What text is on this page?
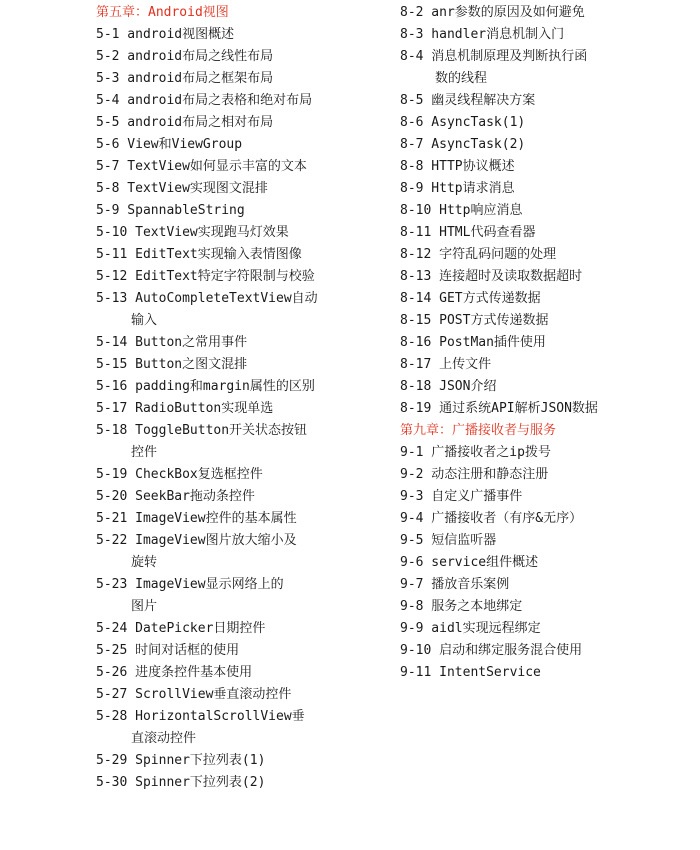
第五章：Android视图
5-1 android视图概述
5-2 android布局之线性布局
5-3 android布局之框架布局
5-4 android布局之表格和绝对布局
5-5 android布局之相对布局
5-6 View和ViewGroup
5-7 TextView如何显示丰富的文本
5-8 TextView实现图文混排
5-9 SpannableString
5-10 TextView实现跑马灯效果
5-11 EditText实现输入表情图像
5-12 EditText特定字符限制与校验
5-13 AutoCompleteTextView自动
输入
5-14 Button之常用事件
5-15 Button之图文混排
5-16 padding和margin属性的区别
5-17 RadioButton实现单选
5-18 ToggleButton开关状态按钮
控件
5-19 CheckBox复选框控件
5-20 SeekBar拖动条控件
5-21 ImageView控件的基本属性
5-22 ImageView图片放大缩小及
旋转
5-23 ImageView显示网络上的
图片
5-24 DatePicker日期控件
5-25 时间对话框的使用
5-26 进度条控件基本使用
5-27 ScrollView垂直滚动控件
5-28 HorizontalScrollView垂
直滚动控件
5-29 Spinner下拉列表(1)
5-30 Spinner下拉列表(2)
8-2 anr参数的原因及如何避免
8-3 handler消息机制入门
8-4 消息机制原理及判断执行函
数的线程
8-5 幽灵线程解决方案
8-6 AsyncTask(1)
8-7 AsyncTask(2)
8-8 HTTP协议概述
8-9 Http请求消息
8-10 Http响应消息
8-11 HTML代码查看器
8-12 字符乱码问题的处理
8-13 连接超时及读取数据超时
8-14 GET方式传递数据
8-15 POST方式传递数据
8-16 PostMan插件使用
8-17 上传文件
8-18 JSON介绍
8-19 通过系统API解析JSON数据
第九章：广播接收者与服务
9-1 广播接收者之ip拨号
9-2 动态注册和静态注册
9-3 自定义广播事件
9-4 广播接收者（有序&无序）
9-5 短信监听器
9-6 service组件概述
9-7 播放音乐案例
9-8 服务之本地绑定
9-9 aidl实现远程绑定
9-10 启动和绑定服务混合使用
9-11 IntentService
